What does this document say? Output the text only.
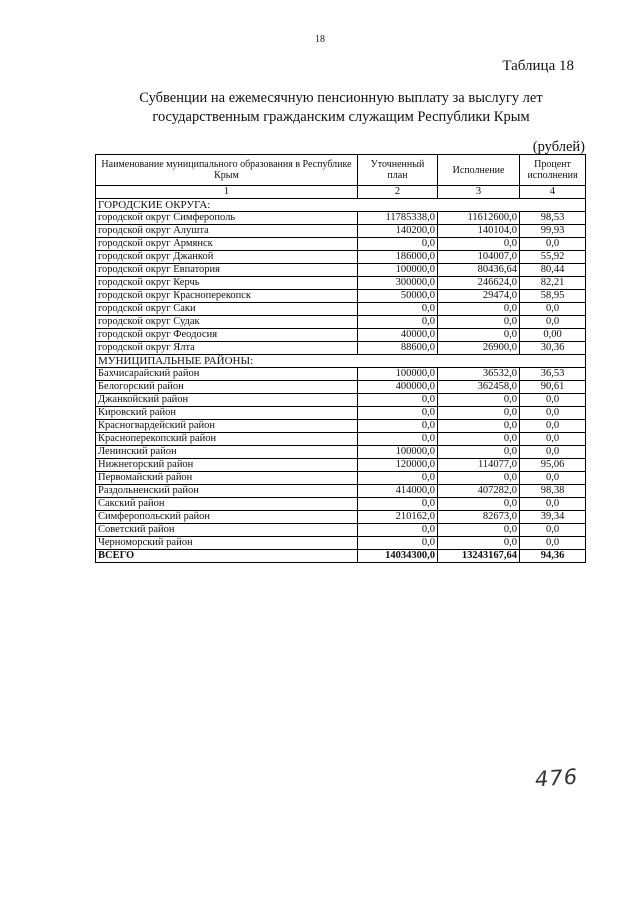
18
Таблица 18
Субвенции на ежемесячную пенсионную выплату за выслугу лет
государственным гражданским служащим Республики Крым
(рублей)
Наименование муниципального образования в Республике Крым	Уточненный план	Исполнение	Процент исполнения
1	2	3	4
ГОРОДСКИЕ ОКРУГА:			
городской округ Симферополь	11785338,0	11612600,0	98,53
городской округ Алушта	140200,0	140104,0	99,93
городской округ Армянск	0,0	0,0	0,0
городской округ Джанкой	186000,0	104007,0	55,92
городской округ Евпатория	100000,0	80436,64	80,44
городской округ Керчь	300000,0	246624,0	82,21
городской округ Красноперекопск	50000,0	29474,0	58,95
городской округ Саки	0,0	0,0	0,0
городской округ Судак	0,0	0,0	0,0
городской округ Феодосия	40000,0	0,0	0,00
городской округ Ялта	88600,0	26900,0	30,36
МУНИЦИПАЛЬНЫЕ РАЙОНЫ:			
Бахчисарайский район	100000,0	36532,0	36,53
Белогорский район	400000,0	362458,0	90,61
Джанкойский район	0,0	0,0	0,0
Кировский район	0,0	0,0	0,0
Красногвардейский район	0,0	0,0	0,0
Красноперекопский район	0,0	0,0	0,0
Ленинский район	100000,0	0,0	0,0
Нижнегорский район	120000,0	114077,0	95,06
Первомайский район	0,0	0,0	0,0
Раздольненский район	414000,0	407282,0	98,38
Сакский район	0,0	0,0	0,0
Симферопольский район	210162,0	82673,0	39,34
Советский район	0,0	0,0	0,0
Черноморский район	0,0	0,0	0,0
ВСЕГО	14034300,0	13243167,64	94,36
476
